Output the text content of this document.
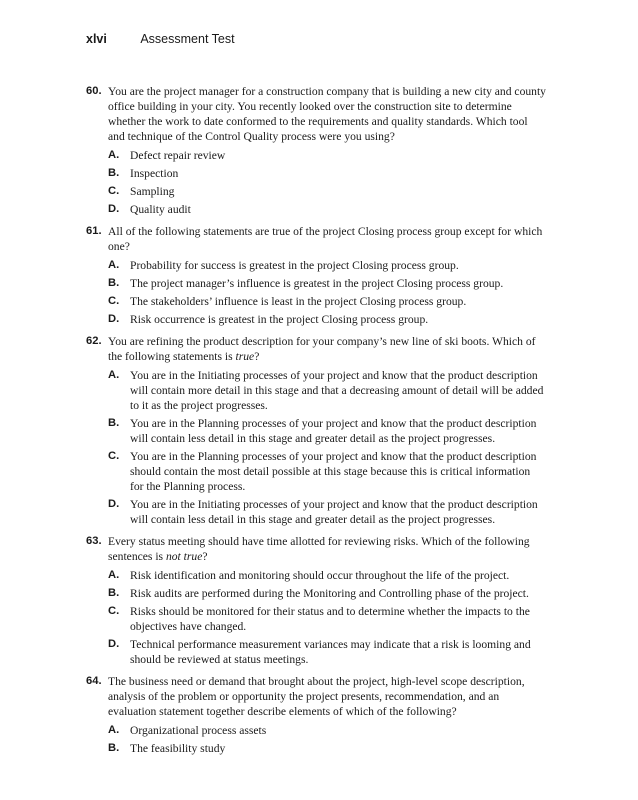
xlvi	Assessment Test
60. You are the project manager for a construction company that is building a new city and county office building in your city. You recently looked over the construction site to determine whether the work to date conformed to the requirements and quality standards. Which tool and technique of the Control Quality process were you using?

A. Defect repair review
B. Inspection
C. Sampling
D. Quality audit
61. All of the following statements are true of the project Closing process group except for which one?

A. Probability for success is greatest in the project Closing process group.
B. The project manager’s influence is greatest in the project Closing process group.
C. The stakeholders’ influence is least in the project Closing process group.
D. Risk occurrence is greatest in the project Closing process group.
62. You are refining the product description for your company’s new line of ski boots. Which of the following statements is true?

A. You are in the Initiating processes of your project and know that the product description will contain more detail in this stage and that a decreasing amount of detail will be added to it as the project progresses.
B. You are in the Planning processes of your project and know that the product description will contain less detail in this stage and greater detail as the project progresses.
C. You are in the Planning processes of your project and know that the product description should contain the most detail possible at this stage because this is critical information for the Planning process.
D. You are in the Initiating processes of your project and know that the product description will contain less detail in this stage and greater detail as the project progresses.
63. Every status meeting should have time allotted for reviewing risks. Which of the following sentences is not true?

A. Risk identification and monitoring should occur throughout the life of the project.
B. Risk audits are performed during the Monitoring and Controlling phase of the project.
C. Risks should be monitored for their status and to determine whether the impacts to the objectives have changed.
D. Technical performance measurement variances may indicate that a risk is looming and should be reviewed at status meetings.
64. The business need or demand that brought about the project, high-level scope description, analysis of the problem or opportunity the project presents, recommendation, and an evaluation statement together describe elements of which of the following?

A. Organizational process assets
B. The feasibility study
